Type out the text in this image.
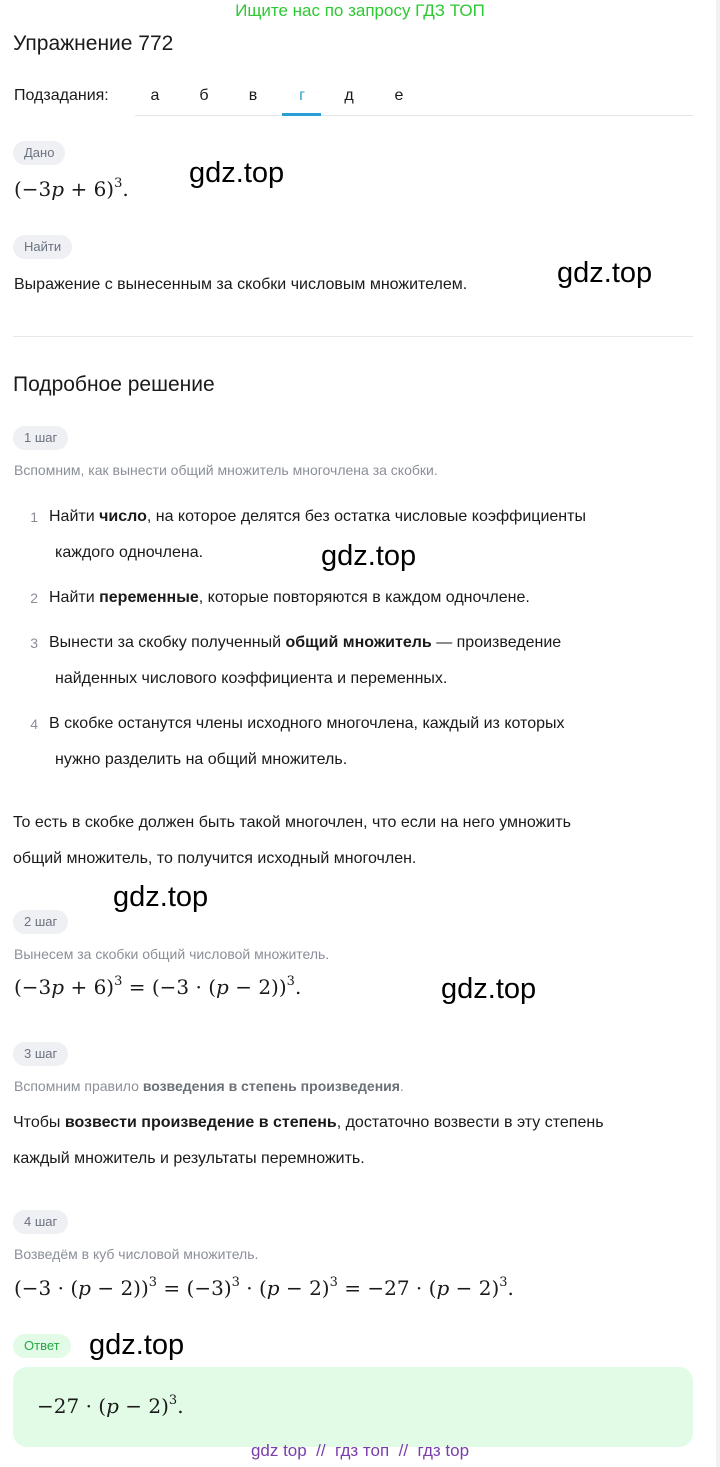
Ищите нас по запросу ГДЗ ТОП
Упражнение 772
Подзадания:	а	б	в	г	д	е
Дано
$(-3p + 6)^3$. gdz.top
Найти
Выражение с вынесенным за скобки числовым множителем.	gdz.top
Подробное решение
1 шаг
Вспомним, как вынести общий множитель многочлена за скобки.
1 Найти число, на которое делятся без остатка числовые коэффициенты
каждого одночлена.	gdz.top
2 Найти переменные, которые повторяются в каждом одночлене.
3 Вынести за скобку полученный общий множитель — произведение
найденных числового коэффициента и переменных.
4 В скобке останутся члены исходного многочлена, каждый из которых
нужно разделить на общий множитель.
То есть в скобке должен быть такой многочлен, что если на него умножить
общий множитель, то получится исходный многочлен.
gdz.top
2 шаг
Вынесем за скобки общий числовой множитель.
$(-3p + 6)^3 = (-3 \cdot (p - 2))^3$.	gdz.top
3 шаг
Вспомним правило возведения в степень произведения.
Чтобы возвести произведение в степень, достаточно возвести в эту степень
каждый множитель и результаты перемножить.
4 шаг
Возведём в куб числовой множитель.
$(-3 \cdot (p - 2))^3 = (-3)^3 \cdot (p - 2)^3 = -27 \cdot (p - 2)^3$.
Ответ	gdz.top
$-27 \cdot (p - 2)^3$.
gdz top  //  гдз топ  //  гдз top
